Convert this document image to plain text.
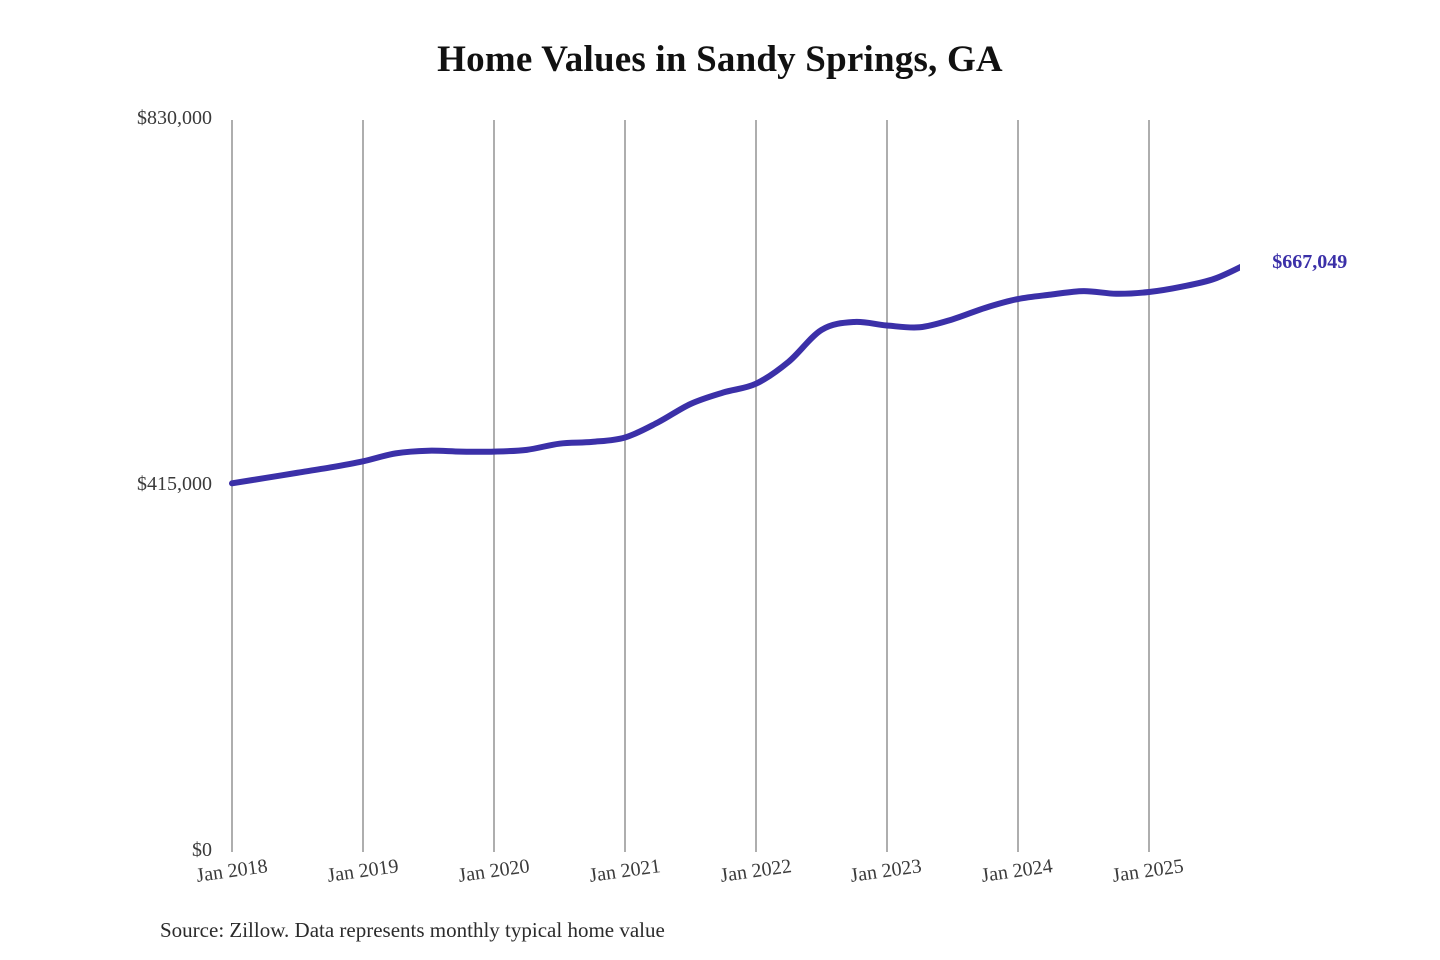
Home Values in Sandy Springs, GA
$830,000
$415,000
$0
Jan 2018	Jan 2019	Jan 2020	Jan 2021	Jan 2022	Jan 2023	Jan 2024	Jan 2025
$667,049
Source: Zillow. Data represents monthly typical home value
